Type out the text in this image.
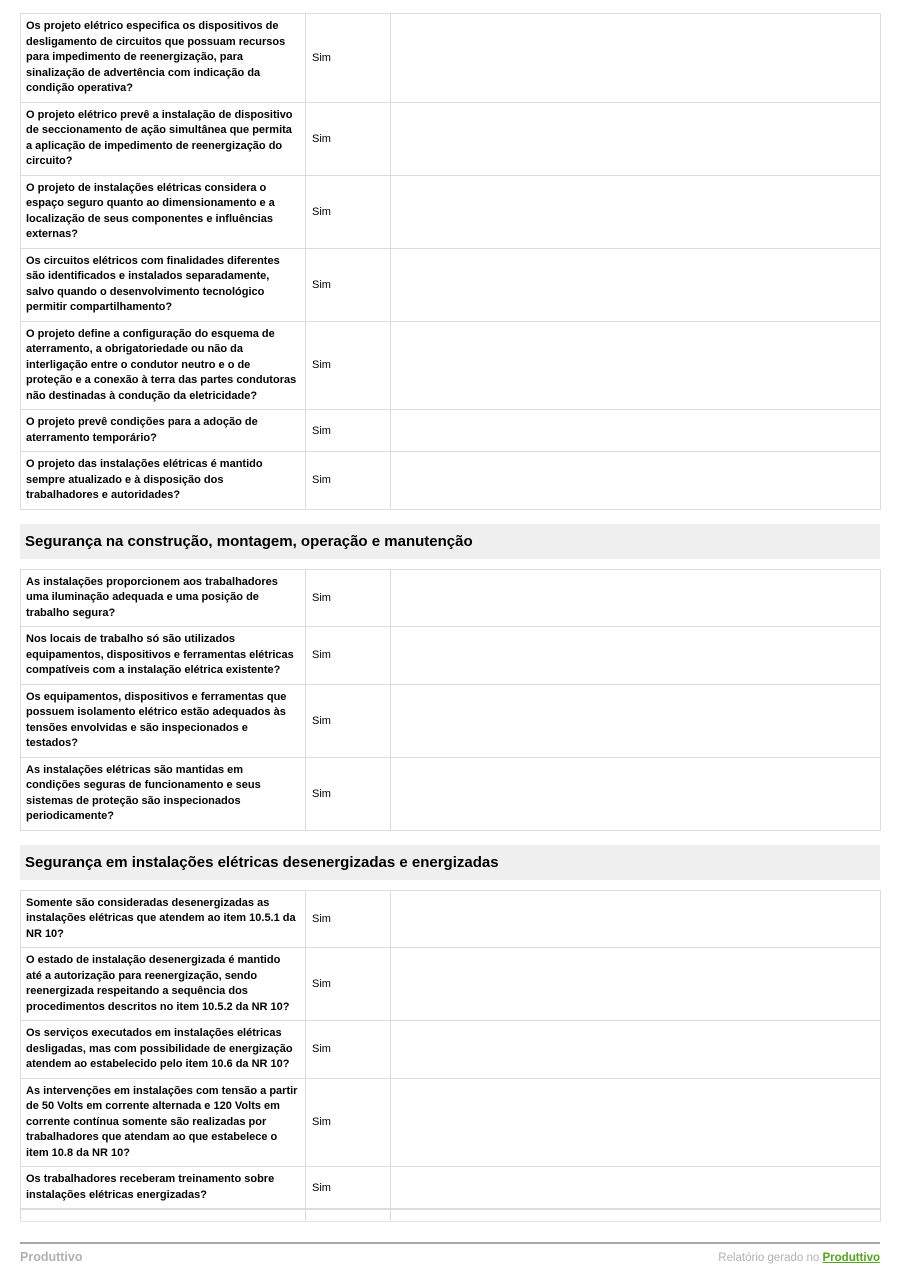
Os projeto elétrico especifica os dispositivos de desligamento de circuitos que possuam recursos para impedimento de reenergização, para sinalização de advertência com indicação da condição operativa?	Sim	
O projeto elétrico prevê a instalação de dispositivo de seccionamento de ação simultânea que permita a aplicação de impedimento de reenergização do circuito?	Sim	
O projeto de instalações elétricas considera o espaço seguro quanto ao dimensionamento e a localização de seus componentes e influências externas?	Sim	
Os circuitos elétricos com finalidades diferentes são identificados e instalados separadamente, salvo quando o desenvolvimento tecnológico permitir compartilhamento?	Sim	
O projeto define a configuração do esquema de aterramento, a obrigatoriedade ou não da interligação entre o condutor neutro e o de proteção e a conexão à terra das partes condutoras não destinadas à condução da eletricidade?	Sim	
O projeto prevê condições para a adoção de aterramento temporário?	Sim	
O projeto das instalações elétricas é mantido sempre atualizado e à disposição dos trabalhadores e autoridades?	Sim	
Segurança na construção, montagem, operação e manutenção
As instalações proporcionem aos trabalhadores uma iluminação adequada e uma posição de trabalho segura?	Sim	
Nos locais de trabalho só são utilizados equipamentos, dispositivos e ferramentas elétricas compatíveis com a instalação elétrica existente?	Sim	
Os equipamentos, dispositivos e ferramentas que possuem isolamento elétrico estão adequados às tensões envolvidas e são inspecionados e testados?	Sim	
As instalações elétricas são mantidas em condições seguras de funcionamento e seus sistemas de proteção são inspecionados periodicamente?	Sim	
Segurança em instalações elétricas desenergizadas e energizadas
Somente são consideradas desenergizadas as instalações elétricas que atendem ao item 10.5.1 da NR 10?	Sim	
O estado de instalação desenergizada é mantido até a autorização para reenergização, sendo reenergizada respeitando a sequência dos procedimentos descritos no item 10.5.2 da NR 10?	Sim	
Os serviços executados em instalações elétricas desligadas, mas com possibilidade de energização atendem ao estabelecido pelo item 10.6 da NR 10?	Sim	
As intervenções em instalações com tensão a partir de 50 Volts em corrente alternada e 120 Volts em corrente contínua somente são realizadas por trabalhadores que atendam ao que estabelece o item 10.8 da NR 10?	Sim	
Os trabalhadores receberam treinamento sobre instalações elétricas energizadas?	Sim	

Produttivo	Relatório gerado no Produttivo
